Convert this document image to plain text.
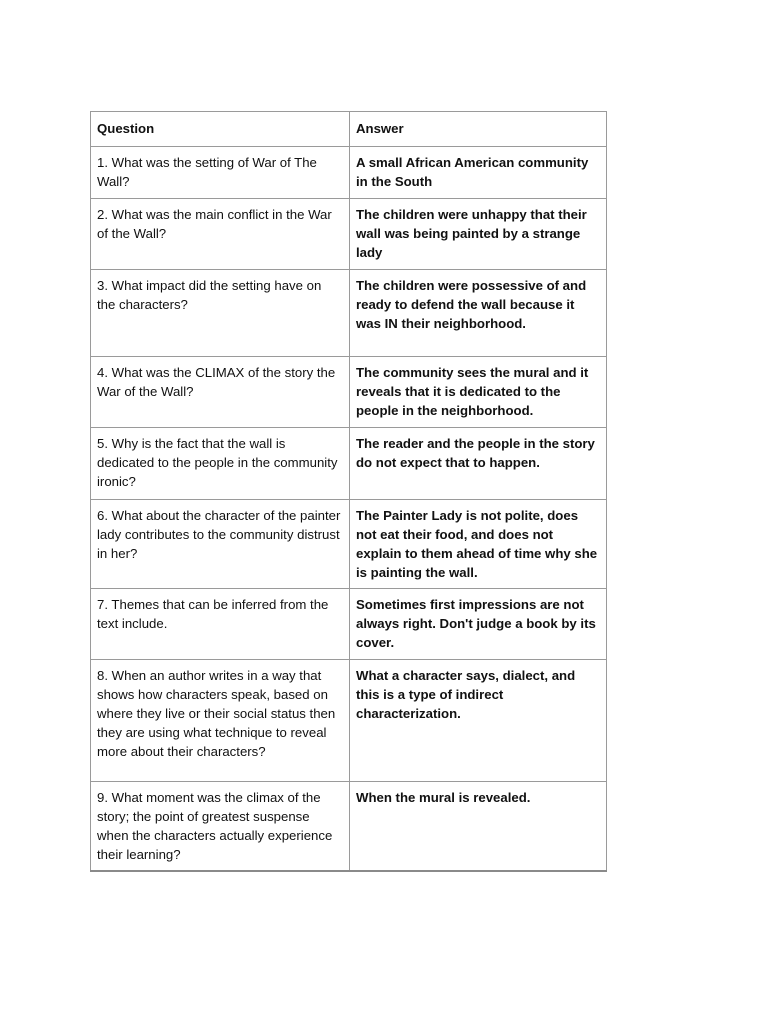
Question	Answer
1. What was the setting of War of The Wall?	A small African American community in the South
2. What was the main conflict in the War of the Wall?	The children were unhappy that their wall was being painted by a strange lady
3. What impact did the setting have on the characters?	The children were possessive of and ready to defend the wall because it was IN their neighborhood.
4. What was the CLIMAX of the story the War of the Wall?	The community sees the mural and it reveals that it is dedicated to the people in the neighborhood.
5. Why is the fact that the wall is dedicated to the people in the community ironic?	The reader and the people in the story do not expect that to happen.
6. What about the character of the painter lady contributes to the community distrust in her?	The Painter Lady is not polite, does not eat their food, and does not explain to them ahead of time why she is painting the wall.
7. Themes that can be inferred from the text include.	Sometimes first impressions are not always right. Don't judge a book by its cover.
8. When an author writes in a way that shows how characters speak, based on where they live or their social status then they are using what technique to reveal more about their characters?	What a character says, dialect, and this is a type of indirect characterization.
9. What moment was the climax of the story; the point of greatest suspense when the characters actually experience their learning?	When the mural is revealed.
